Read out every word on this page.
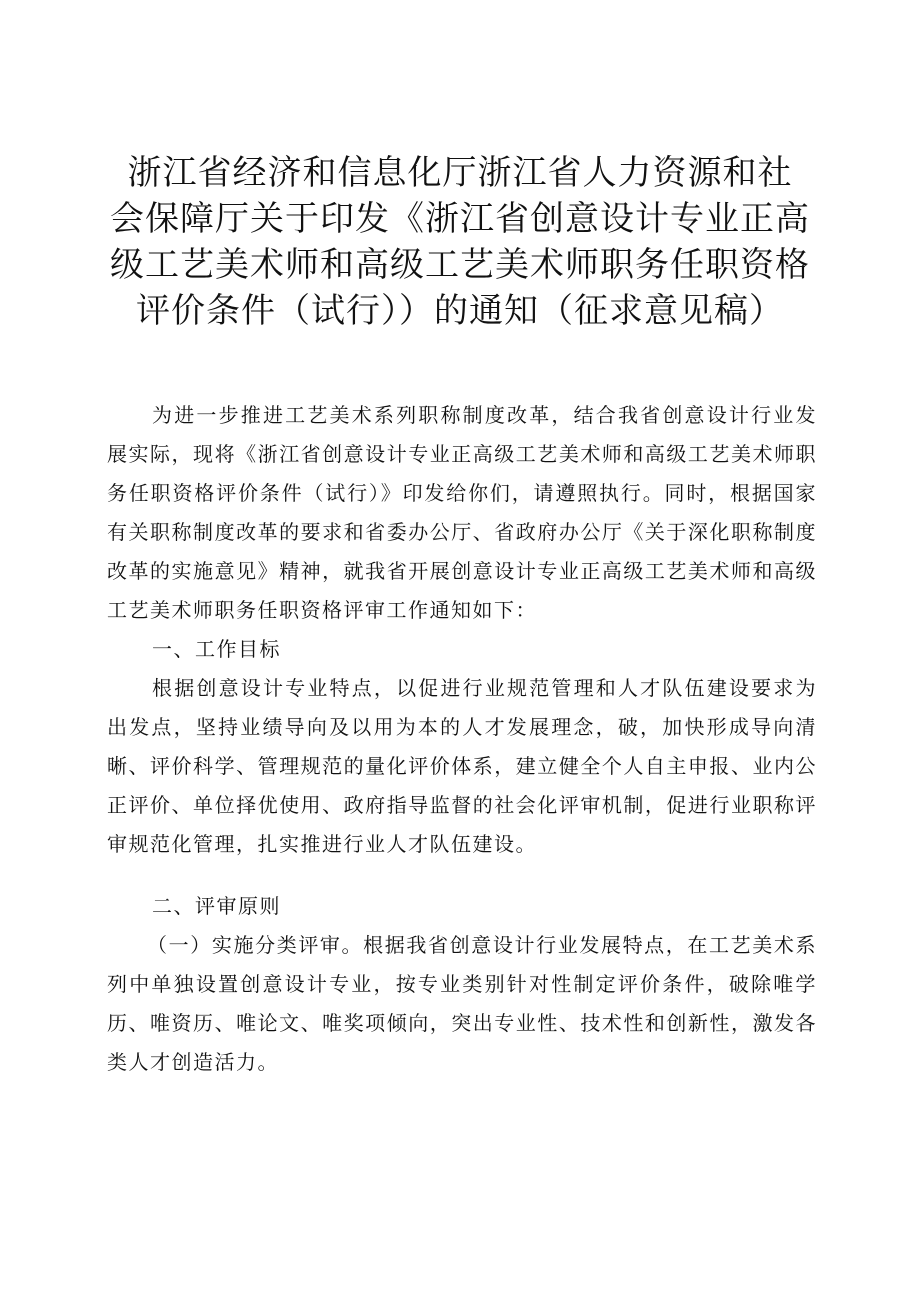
浙江省经济和信息化厅浙江省人力资源和社
会保障厅关于印发《浙江省创意设计专业正高
级工艺美术师和高级工艺美术师职务任职资格
评价条件（试行））的通知（征求意见稿）

为进一步推进工艺美术系列职称制度改革，结合我省创意设计行业发展实际，现将《浙江省创意设计专业正高级工艺美术师和高级工艺美术师职务任职资格评价条件（试行）》印发给你们，请遵照执行。同时，根据国家有关职称制度改革的要求和省委办公厅、省政府办公厅《关于深化职称制度改革的实施意见》精神，就我省开展创意设计专业正高级工艺美术师和高级工艺美术师职务任职资格评审工作通知如下：

一、工作目标

根据创意设计专业特点，以促进行业规范管理和人才队伍建设要求为出发点，坚持业绩导向及以用为本的人才发展理念，破，加快形成导向清晰、评价科学、管理规范的量化评价体系，建立健全个人自主申报、业内公正评价、单位择优使用、政府指导监督的社会化评审机制，促进行业职称评审规范化管理，扎实推进行业人才队伍建设。

二、评审原则

（一）实施分类评审。根据我省创意设计行业发展特点，在工艺美术系列中单独设置创意设计专业，按专业类别针对性制定评价条件，破除唯学历、唯资历、唯论文、唯奖项倾向，突出专业性、技术性和创新性，激发各类人才创造活力。
